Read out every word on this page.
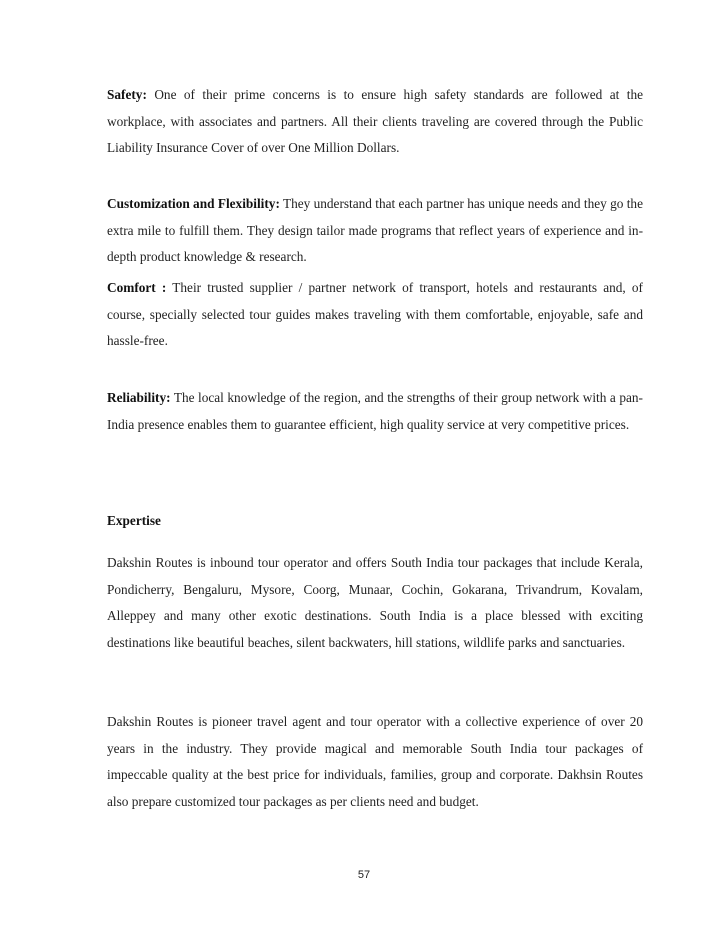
Safety: One of their prime concerns is to ensure high safety standards are followed at the workplace, with associates and partners. All their clients traveling are covered through the Public Liability Insurance Cover of over One Million Dollars.

Customization and Flexibility: They understand that each partner has unique needs and they go the extra mile to fulfill them. They design tailor made programs that reflect years of experience and in-depth product knowledge & research.

Comfort : Their trusted supplier / partner network of transport, hotels and restaurants and, of course, specially selected tour guides makes traveling with them comfortable, enjoyable, safe and hassle-free.

Reliability: The local knowledge of the region, and the strengths of their group network with a pan- India presence enables them to guarantee efficient, high quality service at very competitive prices.

Expertise

Dakshin Routes is inbound tour operator and offers South India tour packages that include Kerala, Pondicherry, Bengaluru, Mysore, Coorg, Munaar, Cochin, Gokarana, Trivandrum, Kovalam, Alleppey and many other exotic destinations. South India is a place blessed with exciting destinations like beautiful beaches, silent backwaters, hill stations, wildlife parks and sanctuaries.

Dakshin Routes is pioneer travel agent and tour operator with a collective experience of over 20 years in the industry. They provide magical and memorable South India tour packages of impeccable quality at the best price for individuals, families, group and corporate. Dakhsin Routes also prepare customized tour packages as per clients need and budget.

57
